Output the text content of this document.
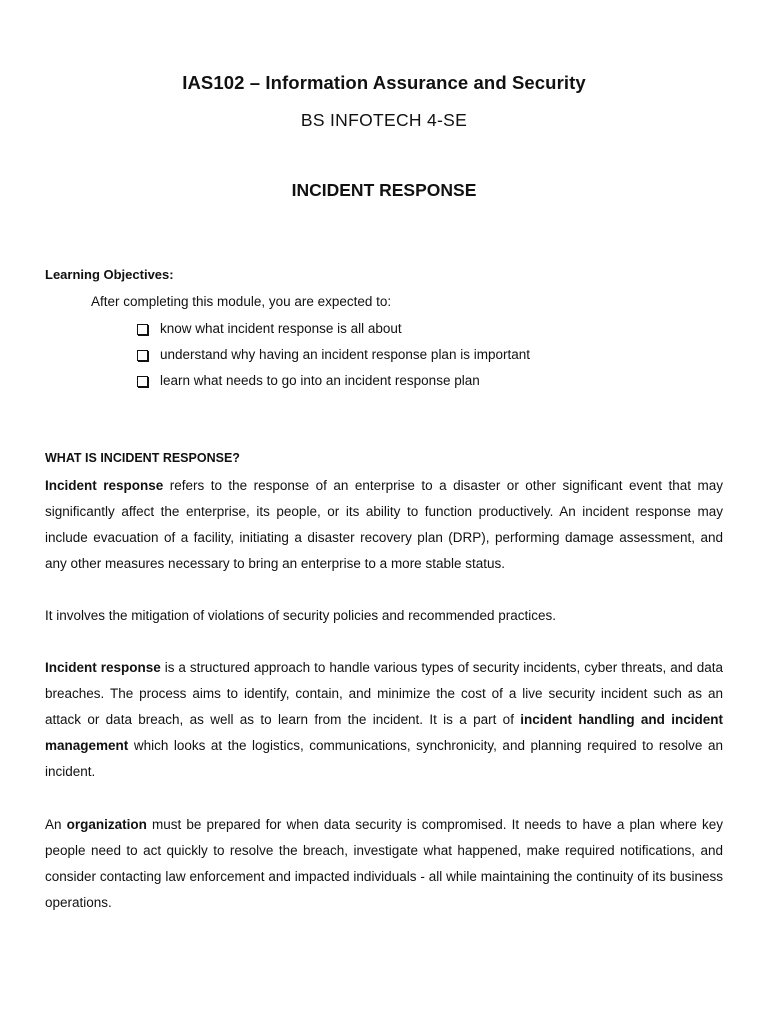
IAS102 – Information Assurance and Security
BS INFOTECH 4-SE
INCIDENT RESPONSE
Learning Objectives:
After completing this module, you are expected to:
know what incident response is all about
understand why having an incident response plan is important
learn what needs to go into an incident response plan
WHAT IS INCIDENT RESPONSE?

Incident response refers to the response of an enterprise to a disaster or other significant event that may significantly affect the enterprise, its people, or its ability to function productively. An incident response may include evacuation of a facility, initiating a disaster recovery plan (DRP), performing damage assessment, and any other measures necessary to bring an enterprise to a more stable status.

It involves the mitigation of violations of security policies and recommended practices.

Incident response is a structured approach to handle various types of security incidents, cyber threats, and data breaches. The process aims to identify, contain, and minimize the cost of a live security incident such as an attack or data breach, as well as to learn from the incident. It is a part of incident handling and incident management which looks at the logistics, communications, synchronicity, and planning required to resolve an incident.

An organization must be prepared for when data security is compromised. It needs to have a plan where key people need to act quickly to resolve the breach, investigate what happened, make required notifications, and consider contacting law enforcement and impacted individuals - all while maintaining the continuity of its business operations.
